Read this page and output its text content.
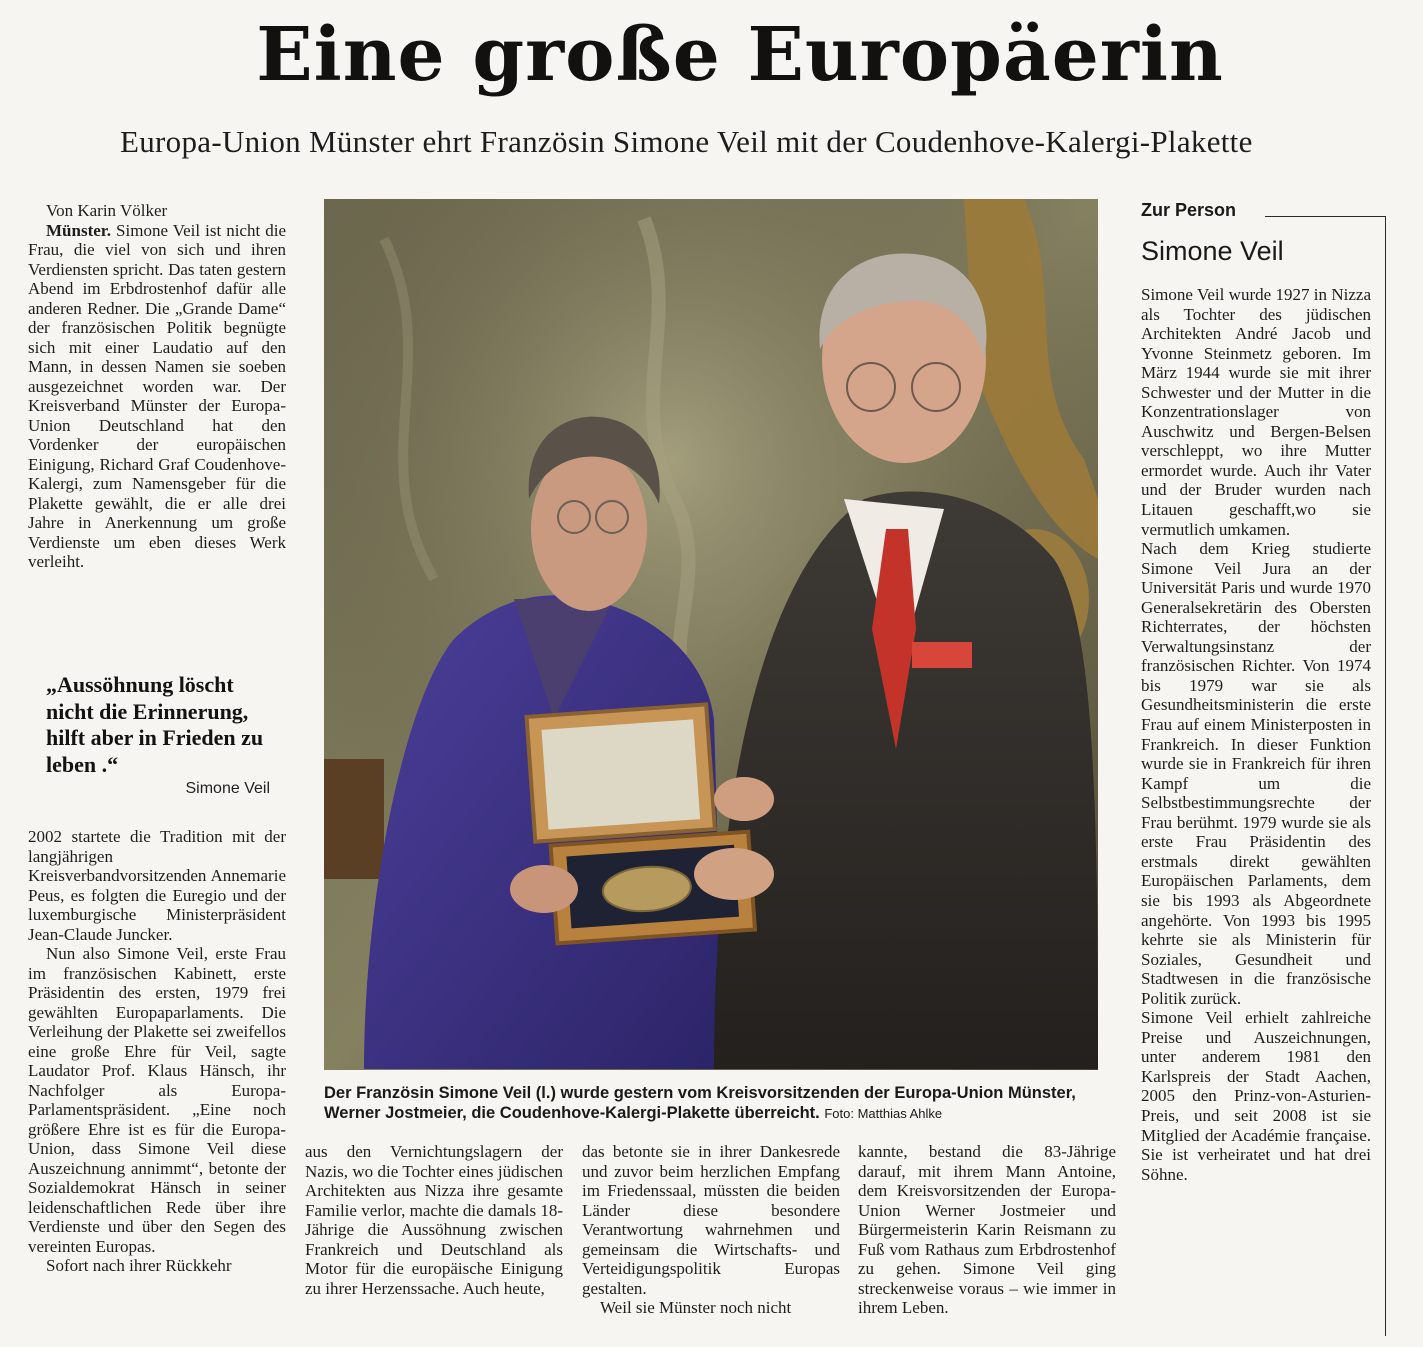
Eine große Europäerin
Europa-Union Münster ehrt Französin Simone Veil mit der Coudenhove-Kalergi-Plakette

Von Karin Völker

Münster. Simone Veil ist nicht die Frau, die viel von sich und ihren Verdiensten spricht. Das taten gestern Abend im Erbdrostenhof dafür alle anderen Redner. Die „Grande Dame“ der französischen Politik begnügte sich mit einer Laudatio auf den Mann, in dessen Namen sie soeben ausgezeichnet worden war. Der Kreisverband Münster der Europa-Union Deutschland hat den Vordenker der europäischen Einigung, Richard Graf Coudenhove-Kalergi, zum Namensgeber für die Plakette gewählt, die er alle drei Jahre in Anerkennung um große Verdienste um eben dieses Werk verleiht.

„Aussöhnung löscht nicht die Erinnerung, hilft aber in Frieden zu leben .“
Simone Veil

2002 startete die Tradition mit der langjährigen Kreisverbandvorsitzenden Annemarie Peus, es folgten die Euregio und der luxemburgische Ministerpräsident Jean-Claude Juncker.

Nun also Simone Veil, erste Frau im französischen Kabinett, erste Präsidentin des ersten, 1979 frei gewählten Europaparlaments. Die Verleihung der Plakette sei zweifellos eine große Ehre für Veil, sagte Laudator Prof. Klaus Hänsch, ihr Nachfolger als Europa-Parlamentspräsident. „Eine noch größere Ehre ist es für die Europa-Union, dass Simone Veil diese Auszeichnung annimmt“, betonte der Sozialdemokrat Hänsch in seiner leidenschaftlichen Rede über ihre Verdienste und über den Segen des vereinten Europas.

Sofort nach ihrer Rückkehr

Der Französin Simone Veil (l.) wurde gestern vom Kreisvorsitzenden der Europa-Union Münster, Werner Jostmeier, die Coudenhove-Kalergi-Plakette überreicht. Foto: Matthias Ahlke

aus den Vernichtungslagern der Nazis, wo die Tochter eines jüdischen Architekten aus Nizza ihre gesamte Familie verlor, machte die damals 18-Jährige die Aussöhnung zwischen Frankreich und Deutschland als Motor für die europäische Einigung zu ihrer Herzenssache. Auch heute,

das betonte sie in ihrer Dankesrede und zuvor beim herzlichen Empfang im Friedenssaal, müssten die beiden Länder diese besondere Verantwortung wahrnehmen und gemeinsam die Wirtschafts- und Verteidigungspolitik Europas gestalten.

Weil sie Münster noch nicht

kannte, bestand die 83-Jährige darauf, mit ihrem Mann Antoine, dem Kreisvorsitzenden der Europa-Union Werner Jostmeier und Bürgermeisterin Karin Reismann zu Fuß vom Rathaus zum Erbdrostenhof zu gehen. Simone Veil ging streckenweise voraus – wie immer in ihrem Leben.

Zur Person
Simone Veil

Simone Veil wurde 1927 in Nizza als Tochter des jüdischen Architekten André Jacob und Yvonne Steinmetz geboren. Im März 1944 wurde sie mit ihrer Schwester und der Mutter in die Konzentrationslager von Auschwitz und Bergen-Belsen verschleppt, wo ihre Mutter ermordet wurde. Auch ihr Vater und der Bruder wurden nach Litauen geschafft,wo sie vermutlich umkamen.

Nach dem Krieg studierte Simone Veil Jura an der Universität Paris und wurde 1970 Generalsekretärin des Obersten Richterrates, der höchsten Verwaltungsinstanz der französischen Richter. Von 1974 bis 1979 war sie als Gesundheitsministerin die erste Frau auf einem Ministerposten in Frankreich. In dieser Funktion wurde sie in Frankreich für ihren Kampf um die Selbstbestimmungsrechte der Frau berühmt. 1979 wurde sie als erste Frau Präsidentin des erstmals direkt gewählten Europäischen Parlaments, dem sie bis 1993 als Abgeordnete angehörte. Von 1993 bis 1995 kehrte sie als Ministerin für Soziales, Gesundheit und Stadtwesen in die französische Politik zurück.

Simone Veil erhielt zahlreiche Preise und Auszeichnungen, unter anderem 1981 den Karlspreis der Stadt Aachen, 2005 den Prinz-von-Asturien-Preis, und seit 2008 ist sie Mitglied der Académie française. Sie ist verheiratet und hat drei Söhne.
